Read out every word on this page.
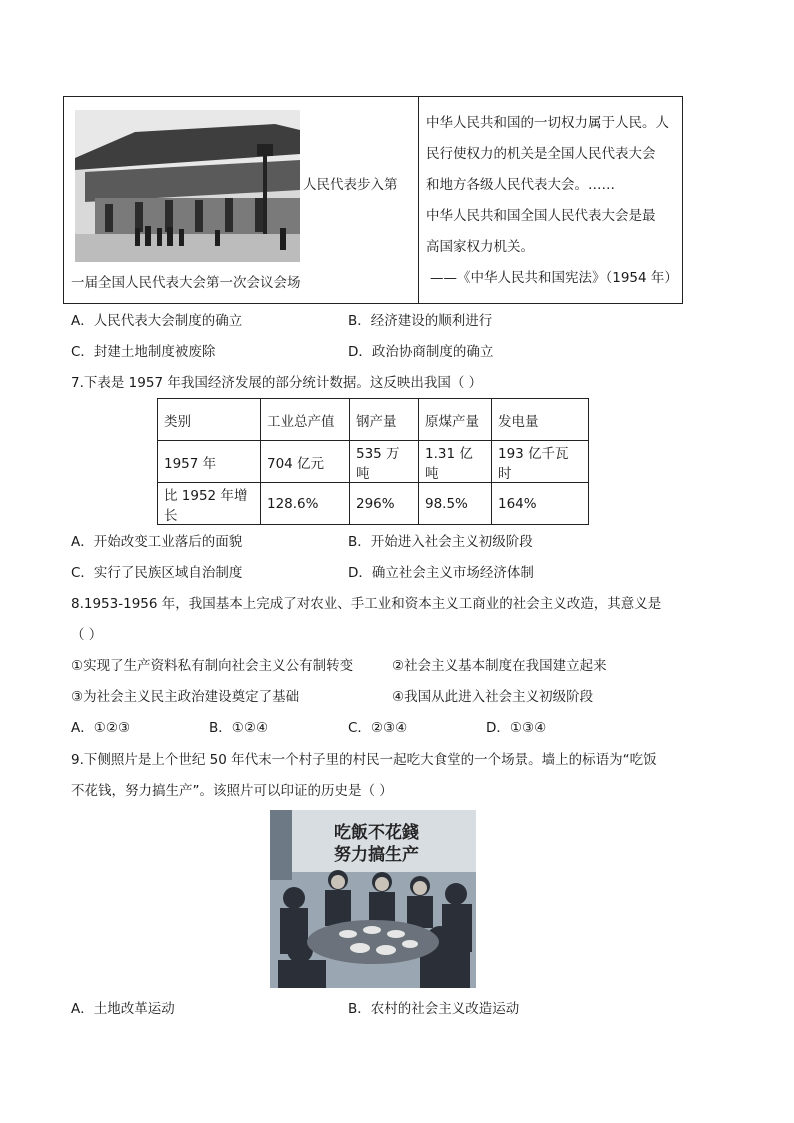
人民代表步入第
一届全国人民代表大会第一次会议会场
中华人民共和国的一切权力属于人民。人
民行使权力的机关是全国人民代表大会
和地方各级人民代表大会。……
中华人民共和国全国人民代表大会是最
高国家权力机关。
——《中华人民共和国宪法》（1954 年）
A．人民代表大会制度的确立	B．经济建设的顺利进行
C．封建土地制度被废除	D．政治协商制度的确立
7.下表是 1957 年我国经济发展的部分统计数据。这反映出我国（ ）
类别	工业总产值	钢产量	原煤产量	发电量
1957 年	704 亿元	535 万吨	1.31 亿吨	193 亿千瓦时
比 1952 年增长	128.6%	296%	98.5%	164%
A．开始改变工业落后的面貌	B．开始进入社会主义初级阶段
C．实行了民族区域自治制度	D．确立社会主义市场经济体制
8.1953-1956 年，我国基本上完成了对农业、手工业和资本主义工商业的社会主义改造，其意义是
（ ）
①实现了生产资料私有制向社会主义公有制转变	②社会主义基本制度在我国建立起来
③为社会主义民主政治建设奠定了基础	④我国从此进入社会主义初级阶段
A．①②③	B．①②④	C．②③④	D．①③④
9.下侧照片是上个世纪 50 年代末一个村子里的村民一起吃大食堂的一个场景。墙上的标语为“吃饭
不花钱，努力搞生产”。该照片可以印证的历史是（ ）
吃飯不花錢
努力搞生产
A．土地改革运动	B．农村的社会主义改造运动
